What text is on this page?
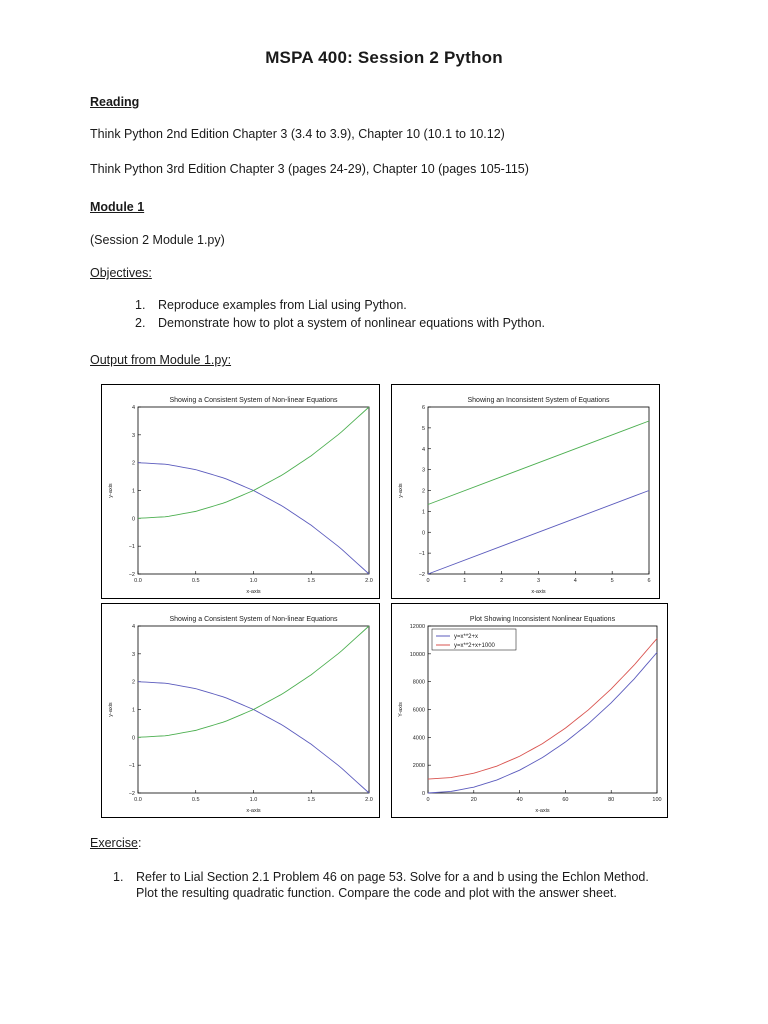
MSPA 400: Session 2 Python
Reading
Think Python 2nd Edition Chapter 3 (3.4 to 3.9), Chapter 10 (10.1 to 10.12)
Think Python 3rd Edition Chapter 3 (pages 24-29), Chapter 10 (pages 105-115)
Module 1
(Session 2 Module 1.py)
Objectives:
1. Reproduce examples from Lial using Python.
2. Demonstrate how to plot a system of nonlinear equations with Python.
Output from Module 1.py:
Showing a Consistent System of Non-linear Equations
0.0	0.5	1.0	1.5	2.0
−2
−1
0
1
2
3
4
x-axis
y-axis
Showing an Inconsistent System of Equations
0	1	2	3	4	5	6
−2
−1
0
1
2
3
4
5
6
x-axis
y-axis
Showing a Consistent System of Non-linear Equations
0.0	0.5	1.0	1.5	2.0
−2
−1
0
1
2
3
4
x-axis
y-axis
Plot Showing Inconsistent Nonlinear Equations
0	20	40	60	80	100
0
2000
4000
6000
8000
10000
12000
x-axis
Y-axis
y=x**2+x
y=x**2+x+1000
Exercise:
1. Refer to Lial Section 2.1 Problem 46 on page 53. Solve for a and b using the Echlon Method.
Plot the resulting quadratic function. Compare the code and plot with the answer sheet.
